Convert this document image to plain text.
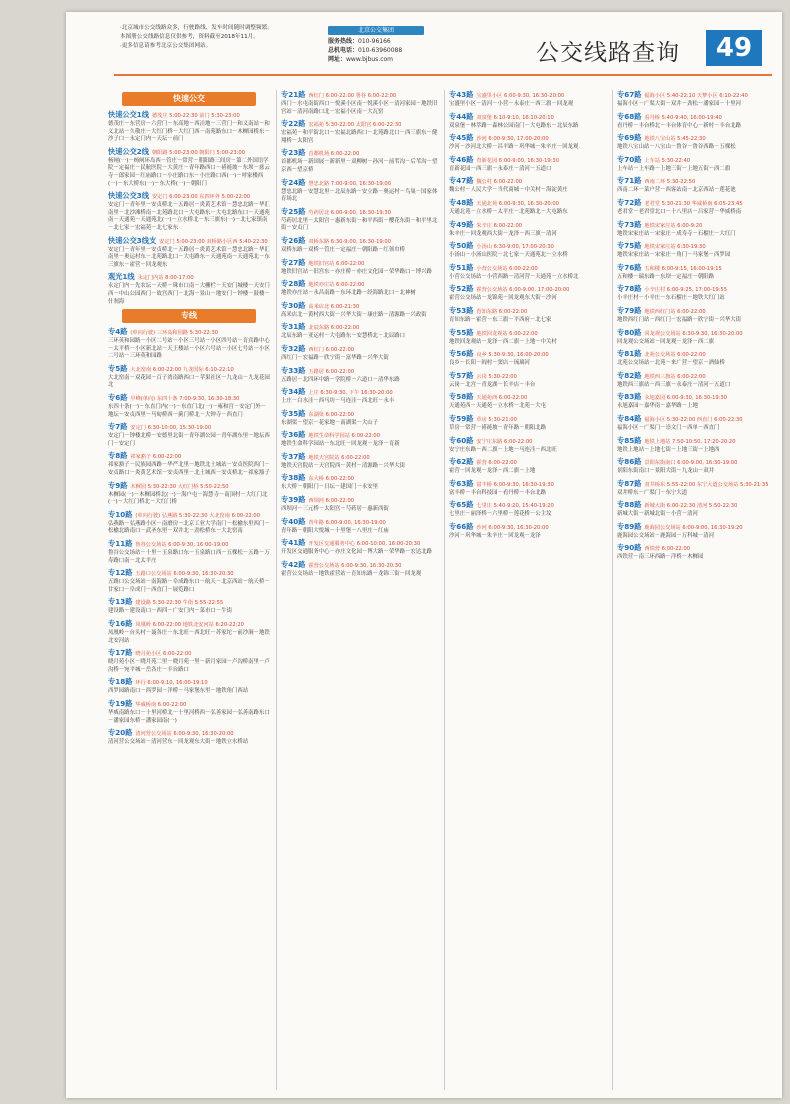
·北京城市公交线路众多，行驶路线、发车时间随时调整频繁。
本图册公交线路信息仅供参考，资料截至2018年11月。
·更多信息请参考北京公交集团网站。
北京公交集团
服务热线：010-96166
总机电话：010-63960088
网址：www.bjbus.com	公交线路查询	49
快速公交
快速公交1线 德茂庄 5:00-22:30 前门 5:30-23:00
德茂庄－东营房－六营门－东高地－西洼地－三营门－和义南站－和义北站－久敬庄－大红门桥－大红门西－南苑路东口－木樨园桥东－沙子口－永定门内－天坛－前门
快速公交2线 朝阳路 5:00-23:00 朝阳门 5:00-23:00
杨闸(一)－杨闸环岛西－管庄－常营－朝阳路三间房－第二外国语学院－定福庄－民航医院－大黄庄－青年路西口－褡裢坡－东坝－慈云寺－郎家园－红庙路口－小庄路口东－小庄路口西(一)－呼家楼西(一)－东大桥东(一)－东大桥(一)－朝阳门
快速公交3线 安定门 6:00-23:00 东四环外 5:00-22:00
安定门－青年里－安贞桥北－五路居－炎黄艺术馆－慧忠北路－华汇南里－北沙滩桥南－北苑路北口－大屯路东－大屯北路东口－天通苑南－天通苑－天通苑北(一)－立水桥北－东三旗东(一)－北七家镇南－北七家－宏福苑－北七家东
快速公交3线支 安定门 5:00-23:00 双桥路小区西 5:40-22:30
安定门－青年里－安贞桥北－五路居－炎黄艺术馆－慧忠北路－华汇南里－奥运村东－北苑路北口－大屯路东－天通苑南－天通苑北－东三旗东－霍营－回龙观东
观光1线 永定门内站 8:00-17:00
永定门内－先农坛－天桥－珠市口南－大栅栏－天安门城楼－天安门西－中山公园西门－故宫西门－北海－景山－地安门－钟楼－鼓楼－什刹海
专线
专4路 (单向行驶) 三环高和园路 5:30-22:30
三环英和园路－小区二号站－小区三号站－小区四号站－育宾路中心－太平桥－小区新北站－天王楼站－小区六号站－小区七号站－小区二号站－三环英和园路
专5路 大北窑南 6:00-22:00 九龙国际 6:10-22:10
大北窑南－双花园－百子湾南路西口－苹果社区－九龙山－九龙花园北
专6路 早峰(单向) 东四十条 7:00-9:30, 16:30-18:30
东四十条(一)－东直门内(一)－东直门北(一)－雍和宫－安定门外－地坛－安贞西里－马甸桥西－蓟门桥北－大钟寺－西直门
专7路 安定门 6:30-10:00, 15:30-19:00
安定门－钟楼北桥－安德里北街－青年湖公园－青年湖东里－地坛西门－安定门
专8路 祁家豁子 6:00-22:00
祁家豁子－民族园西路－华严北里－地铁北土城站－安贞医院西门－安贞路口－炎黄艺术馆－安贞西里－北土城西－安贞桥北－祁家豁子
专9路 木樨园 5:30-22:30 大红门桥 5:50-22:50
木樨园(一)－木樨园桥北(一)－海户屯－海慧寺－南顶村－大红门北(一)－大红门桥北－大红门桥
专10路 (单向行驶) 弘燕路 5:30-22:30 大北窑南 6:00-22:00
弘燕路－弘燕路小区－南磨房－北京工业大学南门－松榆东里西门－松榆北路南口－武圣东里－双井北－劲松桥东－大北窑南
专11路 鲁谷公交场站 6:00-9:30, 16:00-19:00
鲁谷公交场站－十里－玉泉路口东－玉泉路口西－五棵松－五路－万寿路口南－北太平庄
专12路 五路口公交场站 6:00-9:30, 16:30-20:30
五路口公交场站－南海路－阜成路东口－航天－北京西站－航天桥－甘家口－阜成门－西直门－展览路口
专13路 建设路 5:30-22:30 牛街 5:55-22:55
建设路－建设南口－西四－广安门内－菜市口－牛街
专16路 凤凰岭 6:00-22:00 地铁北安河站 6:20-22:20
凤凰岭－台头村－聂各庄－东北旺－西北旺－苏家坨－前沙涧－地铁北安河站
专17路 晓月苑小区 6:00-22:00
晓月苑小区－晓月苑二里－晓月苑一里－新月家园－卢沟桥南里－卢沟桥－宛平城－岳各庄－丰台路口
专18路 环行 6:00-9:10, 16:00-19:10
西罗园路南口－西罗园－洋桥－马家堡东里－地铁角门西站
专19路 华威桥南 6:00-22:00
华威南路东口－十里河桥北－十里河桥西－弘善家园－弘善南路东口－潘家园东桥－潘家园南(一)
专20路 清河营公交场站 6:00-9:30, 16:30-20:00
清河营公交场站－清河营东－回龙观东大街－地铁立水桥站
专21路 西红门 6:00-22:00 鲁谷 6:00-22:00
西门－水屯南街西口－悦溪小区南－悦溪小区－清河家园－地铁旧宫站－清河南路口北－宏福小区南－大瓦窑
专22路 宏福苑 5:30-22:00 太阳宫 6:00-22:30
宏福苑－和平街北口－宏福北路西口－北苑路北口－西三旗东－健翔桥－太阳宫
专23路 首都机场 6:00-22:00
首都机场－新国展－新新里－双柳树－孙河－前苇沟－后苇沟－望京西－望京桥
专24路 慧忠北路 7:00-9:00, 16:30-19:00
慧忠北路－安慧北里－北辰东路－安立路－奥运村－鸟巢－国家体育场北
专25路 芍药居北 6:00-9:00, 16:30-19:30
芍药居北里－太阳宫－惠新东街－和平西街－樱花东街－和平里北街－安贞门
专26路 双桥东路 6:30-9:00, 16:30-19:00
双桥东路－双桥－管庄－定福庄－朝阳路－红领巾桥
专27路 地铁旧宫站 6:00-22:00
地铁旧宫站－旧宫东－亦庄桥－亦庄文化园－荣华路口－博兴路
专28路 地铁亦庄站 6:00-22:00
地铁亦庄站－永昌南路－东环北路－经海路北口－北神树
专30路 高米店北 6:00-21:30
高米店北－黄村西大街－兴华大街－康庄路－清源路－兴政街
专31路 北辰东路 6:00-22:00
北辰东路－亚运村－大屯路东－安慧桥北－北辰路口
专32路 西红门 6:00-22:00
西红门－宏福路－欣宁街－富华路－兴华大街
专33路 五路居 6:00-22:00
五路居－北四环中路－学院桥－六道口－清华东路
专34路 上庄 6:30-9:30, 下午 16:30-20:00
上庄－白水洼－西马坊－马连洼－西北旺－永丰
专35路 东湖渠 6:00-22:00
东湖渠－望京－花家地－南湖渠－大山子
专36路 地铁生命科学园站 6:00-22:00
地铁生命科学园站－东北旺－回龙观－龙泽－育新
专37路 地铁天宫院站 6:00-22:00
地铁天宫院站－天宫院西－黄村－清源路－兴华大街
专38路 东大桥 6:00-22:00
东大桥－朝阳门－日坛－建国门－永安里
专39路 西坝河 6:00-22:00
西坝河－三元桥－太阳宫－芍药居－惠新西街
专40路 青年路 6:00-9:00, 16:30-19:00
青年路－朝阳大悦城－十里堡－八里庄－红庙
专41路 开发区交通服务中心 6:00-10:00, 16:00-20:30
开发区交通服务中心－亦庄文化园－博大路－荣华路－宏达北路
专42路 霍营公交场站 6:00-9:30, 16:30-20:30
霍营公交场站－地铁霍营站－育知东路－龙锦三街－回龙观
专43路 宝盛里小区 6:00-9:30, 16:30-20:00
宝盛里小区－清河－小营－永泰庄－西三旗－回龙观
专44路 双泉堡 6:10-9:10, 16:10-20:10
双泉堡－林萃路－森林公园南门－大屯路东－北辰东路
专45路 沙河 6:00-9:30, 17:00-20:00
沙河－沙河北大桥－昌平路－巩华城－朱辛庄－回龙观
专46路 育新花园 6:00-9:00, 16:30-19:30
育新花园－西三旗－永泰庄－清河－五道口
专47路 魏公村 6:00-22:00
魏公村－人民大学－当代商城－中关村－海淀黄庄
专48路 天通北苑 6:00-9:30, 16:30-20:00
天通北苑－立水桥－太平庄－北苑路北－大屯路东
专49路 朱辛庄 6:00-22:00
朱辛庄－回龙观西大街－龙泽－西三旗－清河
专50路 小汤山 6:30-9:00, 17:00-20:30
小汤山－小汤山医院－北七家－天通苑北－立水桥
专51路 小营公交场站 6:00-22:00
小营公交场站－小营西路－清河营－天通苑－立水桥北
专52路 霍营公交场站 6:00-9:00, 17:00-20:00
霍营公交场站－龙锦苑－回龙观东大街－沙河
专53路 育知东路 6:00-22:00
育知东路－霍营－东三旗－平西府－北七家
专55路 地铁回龙观站 6:00-22:00
地铁回龙观站－龙泽－西二旗－上地－中关村
专56路 良乡 5:30-9:30, 16:00-20:00
良乡－长阳－阎村－窦店－琉璃河
专57路 云岗 5:30-22:00
云岗－北宫－青龙湖－长辛店－丰台
专58路 天通苑西 6:00-22:00
天通苑西－天通苑－立水桥－北苑－大屯
专59路 草房 5:30-21:00
草房－常营－褡裢坡－青年路－朝阳北路
专60路 安宁庄东路 6:00-22:00
安宁庄东路－西二旗－上地－马连洼－西北旺
专62路 霍营 6:00-22:00
霍营－回龙观－龙泽－西二旗－上地
专63路 富丰桥 6:00-9:30, 16:30-19:30
富丰桥－丰台科技园－看丹桥－丰台北路
专65路 七里庄 5:40-9:20, 15:40-19:20
七里庄－丽泽桥－六里桥－莲花桥－公主坟
专66路 沙河 6:00-9:30, 16:30-20:00
沙河－巩华城－朱辛庄－回龙观－龙泽
专67路 福海小区 5:40-22:10 天梦小区 6:10-22:40
福海小区－广渠大街－双井－劲松－潘家园－十里河
专68路 看丹桥 5:40-9:40, 16:00-19:40
看丹桥－丰台桥北－丰台体育中心－新村－丰台北路
专69路 地铁八宝山站 5:45-22:30
地铁八宝山站－八宝山－鲁谷－鲁谷西路－五棵松
专70路 上车站 5:30-22:40
上车站－上车路－上地三街－上地五街－西二旗
专71路 西南二环 5:30-22:50
西南二环－菜户营－西客站南－北京西站－莲花池
专72路 老君堂 5:30-21:30 华威桥南 6:05-23:45
老君堂－老君堂北口－十八里店－吕家营－华威桥南
专73路 地铁宋家庄站 6:00-9:20
地铁宋家庄站－宋家庄－成寿寺－石榴庄－大红门
专75路 地铁宋家庄站 6:30-19:30
地铁宋家庄站－宋家庄－角门－马家堡－西罗园
专76路 五和楼 6:00-9:15, 16:00-19:15
五和楼－瑞东路－东坝－定福庄－朝阳路
专78路 小辛庄村 6:00-9:25, 17:00-19:55
小辛庄村－小辛庄－东石榴庄－地铁大红门站
专79路 地铁西红门站 6:00-22:00
地铁西红门站－西红门－宏福路－欣宁街－兴华大街
专80路 回龙观公交场站 6:30-9:30, 16:30-20:00
回龙观公交场站－回龙观－龙泽－西二旗
专81路 北苑公交场站 6:00-22:00
北苑公交场站－北苑－来广营－望京－酒仙桥
专82路 地铁西三旗站 6:00-22:00
地铁西三旗站－西三旗－永泰庄－清河－五道口
专83路 永旭嘉园 6:00-9:30, 16:30-19:30
永旭嘉园－嘉华南－嘉华路－上地
专84路 福海小区 5:30-22:00 西直门 6:00-22:30
福海小区－广渠门－崇文门－西单－西直门
专85路 地铁上地站 7:50-10:50, 17:20-20:20
地铁上地站－上地七街－上地三街－上地西
专86路 景阳东街南口 6:00-9:00, 16:30-19:00
景阳东街南口－景阳大街－九龙山－双井
专87路 双井桥东 5:55-22:00 东宁大道公交场站 5:30-21:35
双井桥东－广渠门－东宁大道
专88路 新城大街 6:00-22:30 清河 5:50-22:30
新城大街－新城北街－小营－清河
专89路 鹿海园公交场站 6:00-9:00, 16:30-19:20
鹿海园公交场站－鹿海园－万科城－清河
专90路 西铁营 6:00-22:00
西铁营－南三环西路－洋桥－木樨园
